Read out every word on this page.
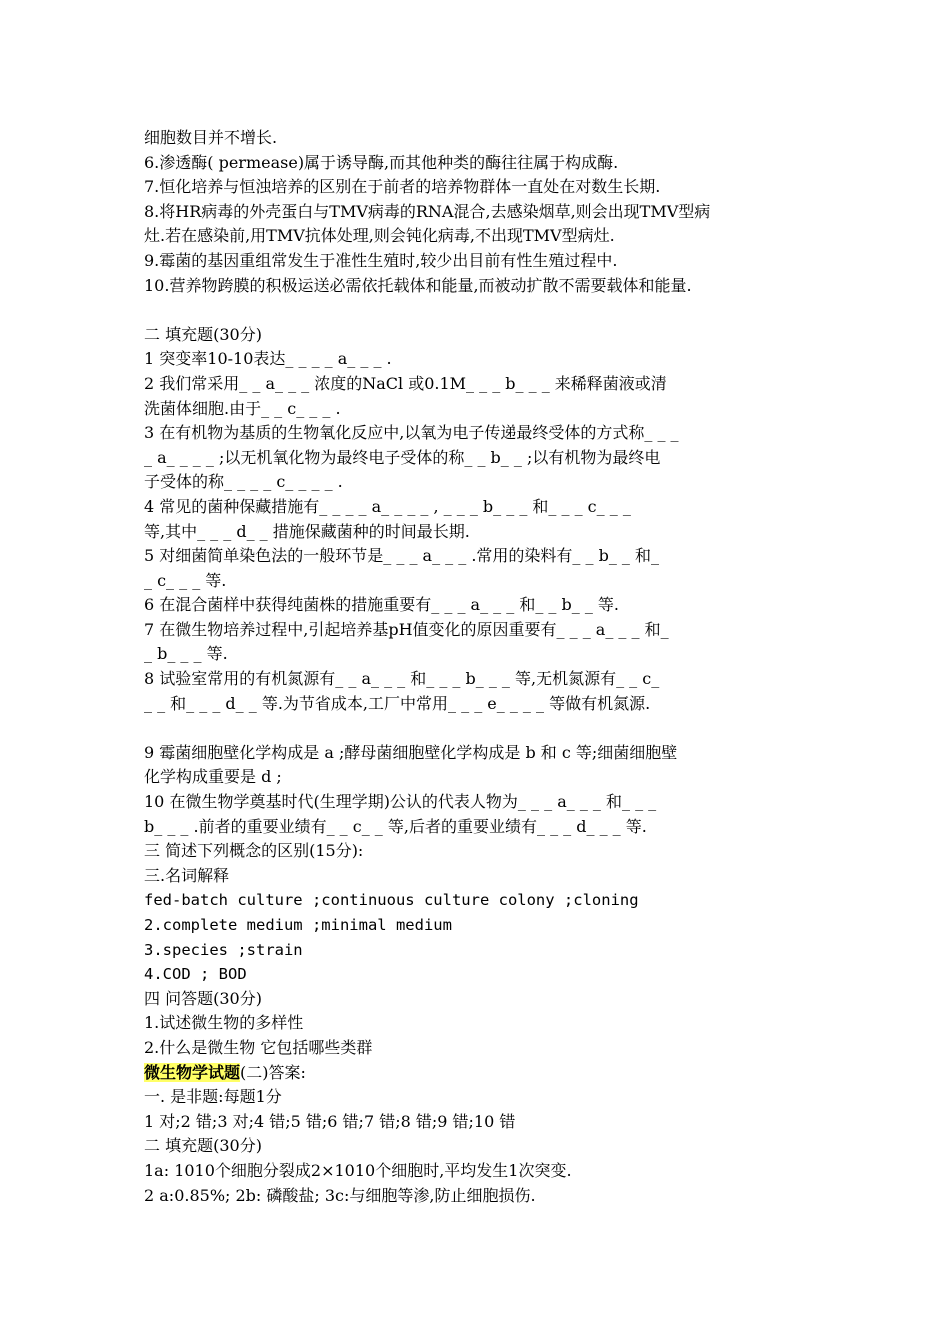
细胞数目并不增长.
6.渗透酶( permease)属于诱导酶,而其他种类的酶往往属于构成酶.
7.恒化培养与恒浊培养的区别在于前者的培养物群体一直处在对数生长期.
8.将HR病毒的外壳蛋白与TMV病毒的RNA混合,去感染烟草,则会出现TMV型病
灶.若在感染前,用TMV抗体处理,则会钝化病毒,不出现TMV型病灶.
9.霉菌的基因重组常发生于准性生殖时,较少出目前有性生殖过程中.
10.营养物跨膜的积极运送必需依托载体和能量,而被动扩散不需要载体和能量.
二 填充题(30分)
1 突变率10-10表达_ _ _ _ a_ _ _ .
2 我们常采用_ _ a_ _ _ 浓度的NaCl 或0.1M_ _ _ b_ _ _ 来稀释菌液或清
洗菌体细胞.由于_ _ c_ _ _ .
3 在有机物为基质的生物氧化反应中,以氧为电子传递最终受体的方式称_ _ _
_ a_ _ _ _ ;以无机氧化物为最终电子受体的称_ _ b_ _ ;以有机物为最终电
子受体的称_ _ _ _ c_ _ _ _ .
4 常见的菌种保藏措施有_ _ _ _ a_ _ _ _ , _ _ _ b_ _ _ 和_ _ _ c_ _ _
等,其中_ _ _ d_ _ 措施保藏菌种的时间最长期.
5 对细菌简单染色法的一般环节是_ _ _ a_ _ _ .常用的染料有_ _ b_ _ 和_
_ c_ _ _ 等.
6 在混合菌样中获得纯菌株的措施重要有_ _ _ a_ _ _ 和_ _ b_ _ 等.
7 在微生物培养过程中,引起培养基pH值变化的原因重要有_ _ _ a_ _ _ 和_
_ b_ _ _ 等.
8 试验室常用的有机氮源有_ _ a_ _ _ 和_ _ _ b_ _ _ 等,无机氮源有_ _ c_
_ _ 和_ _ _ d_ _ 等.为节省成本,工厂中常用_ _ _ e_ _ _ _ 等做有机氮源.
9 霉菌细胞壁化学构成是 a ;酵母菌细胞壁化学构成是 b 和 c 等;细菌细胞壁
化学构成重要是 d ;
10 在微生物学奠基时代(生理学期)公认的代表人物为_ _ _ a_ _ _ 和_ _ _
b_ _ _ .前者的重要业绩有_ _ c_ _ 等,后者的重要业绩有_ _ _ d_ _ _ 等.
三 简述下列概念的区别(15分):
三.名词解释
fed-batch culture ;continuous culture colony ;cloning
2.complete medium ;minimal medium
3.species ;strain
4.COD ; BOD
四 问答题(30分)
1.试述微生物的多样性
2.什么是微生物 它包括哪些类群
微生物学试题(二)答案:
一. 是非题:每题1分
1 对;2 错;3 对;4 错;5 错;6 错;7 错;8 错;9 错;10 错
二 填充题(30分)
1a: 1010个细胞分裂成2×1010个细胞时,平均发生1次突变.
2 a:0.85%; 2b: 磷酸盐; 3c:与细胞等渗,防止细胞损伤.
